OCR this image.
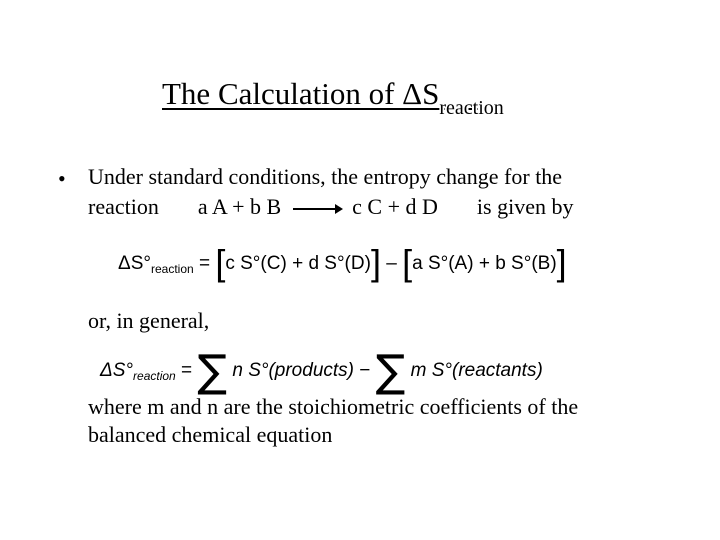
The Calculation of $\Delta S_{reaction}$
• Under standard conditions, the entropy change for the
reaction a A + b B → c C + d D is given by
$\Delta S^\circ_{reaction} = [c$ S°(C) + d S°(D)] – [a S°(A) + b S°(B)]
or, in general,
$\Delta S^\circ_{reaction}$ = ∑ n S°(products) − ∑ m S°(reactants)
where m and n are the stoichiometric coefficients of the
balanced chemical equation
